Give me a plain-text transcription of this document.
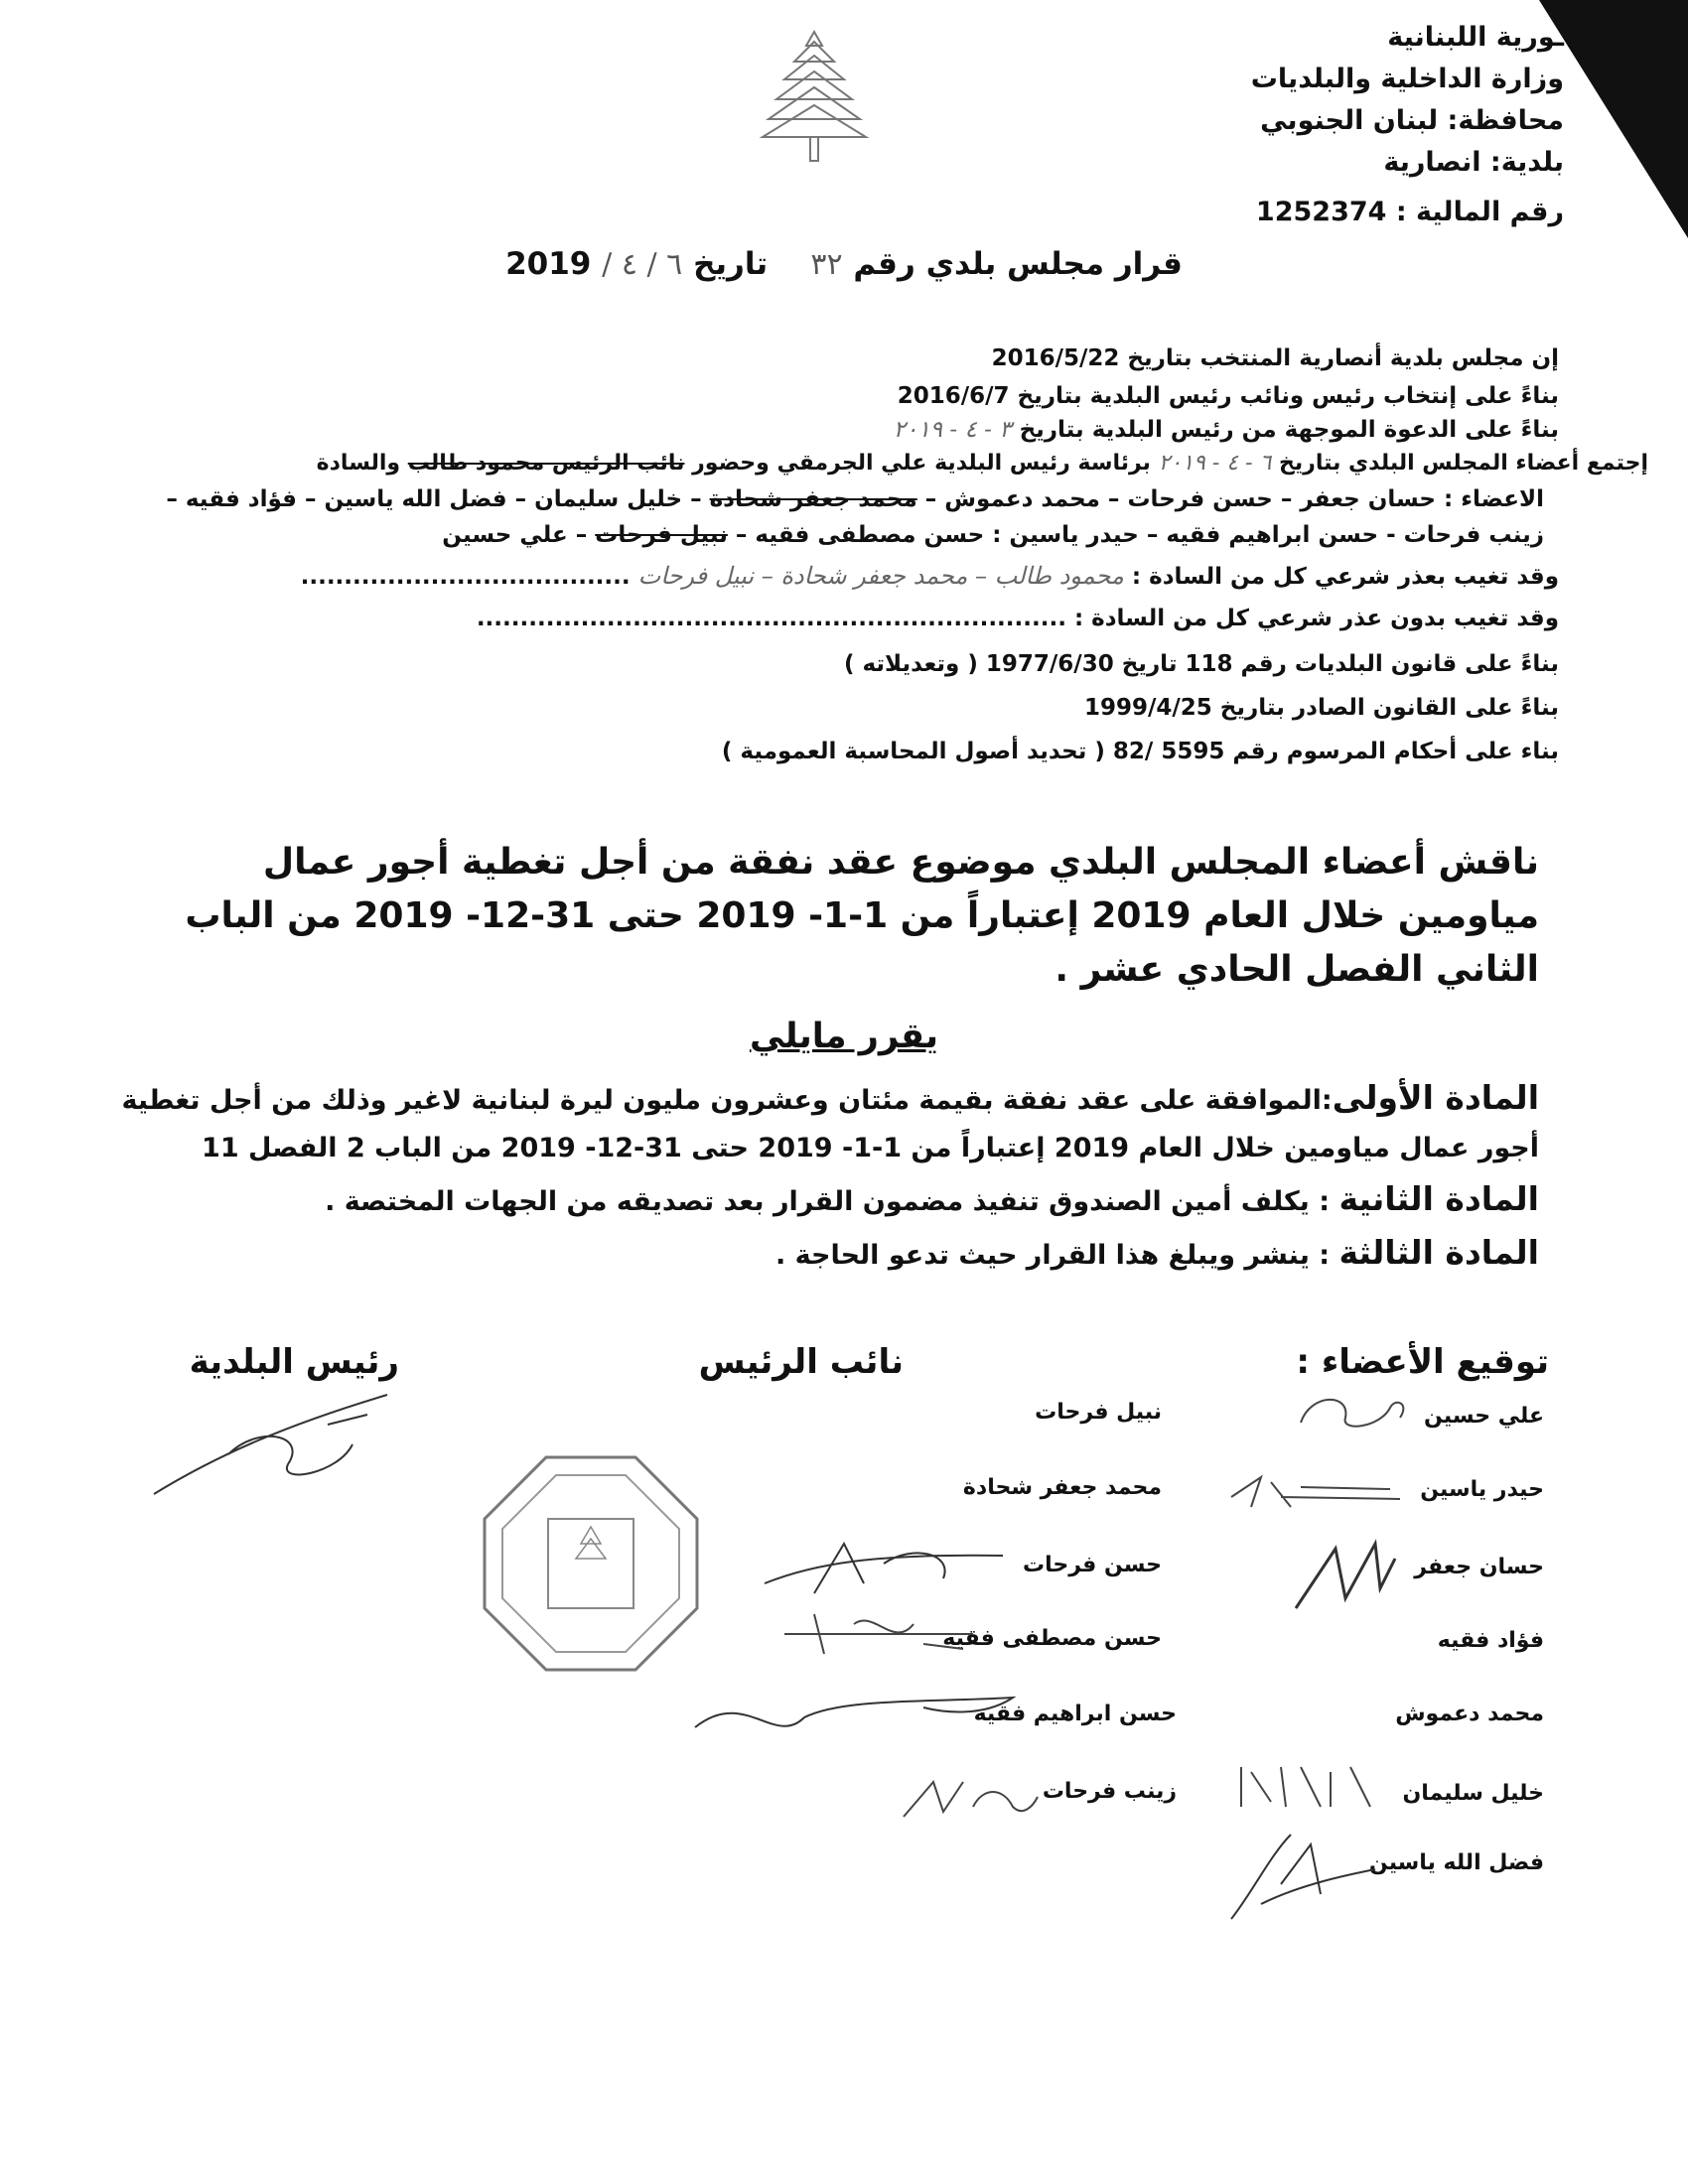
ـورية اللبنانية
وزارة الداخلية والبلديات
محافظة: لبنان الجنوبي
بلدية: انصارية
رقم المالية : 1252374
قرار مجلس بلدي رقم ٣٢    تاريخ ٦ / ٤ / 2019
إن مجلس بلدية أنصارية المنتخب بتاريخ 2016/5/22
بناءً على إنتخاب رئيس ونائب رئيس البلدية بتاريخ 2016/6/7
بناءً على الدعوة الموجهة من رئيس البلدية بتاريخ ٣ - ٤ - ٢٠١٩
إجتمع أعضاء المجلس البلدي بتاريخ ٦ - ٤ - ٢٠١٩ برئاسة رئيس البلدية علي الجرمقي وحضور نائب الرئيس محمود طالب والسادة
الاعضاء : حسان جعفر – حسن فرحات – محمد دعموش – محمد جعفر شحادة – خليل سليمان – فضل الله ياسين – فؤاد فقيه –
زينب فرحات - حسن ابراهيم فقيه – حيدر ياسين : حسن مصطفى فقيه – نبيل فرحات – علي حسين
وقد تغيب بعذر شرعي كل من السادة : محمود طالب – محمد جعفر شحادة – نبيل فرحات ......................................
وقد تغيب بدون عذر شرعي كل من السادة : ....................................................................
بناءً على قانون البلديات رقم 118 تاريخ 1977/6/30 ( وتعديلاته )
بناءً على القانون الصادر بتاريخ 1999/4/25
بناء على أحكام المرسوم رقم 5595 /82 ( تحديد أصول المحاسبة العمومية )
ناقش أعضاء المجلس البلدي موضوع عقد نفقة من أجل تغطية أجور عمال مياومين خلال العام 2019 إعتباراً من 1-1- 2019 حتى 31-12- 2019 من الباب الثاني الفصل الحادي عشر .
يقرر مايلي
المادة الأولى:الموافقة على عقد نفقة بقيمة مئتان وعشرون مليون ليرة لبنانية لاغير وذلك من أجل تغطية أجور عمال مياومين خلال العام 2019 إعتباراً من 1-1- 2019 حتى 31-12- 2019 من الباب 2 الفصل 11
المادة الثانية : يكلف أمين الصندوق تنفيذ مضمون القرار بعد تصديقه من الجهات المختصة .
المادة الثالثة : ينشر ويبلغ هذا القرار حيث تدعو الحاجة .
توقيع الأعضاء :
نائب الرئيس
رئيس البلدية
علي حسين
حيدر ياسين
حسان جعفر
فؤاد فقيه
محمد دعموش
خليل سليمان
فضل الله ياسين
نبيل فرحات
محمد جعفر شحادة
حسن فرحات
حسن مصطفى فقيه
حسن ابراهيم فقيه
زينب فرحات
